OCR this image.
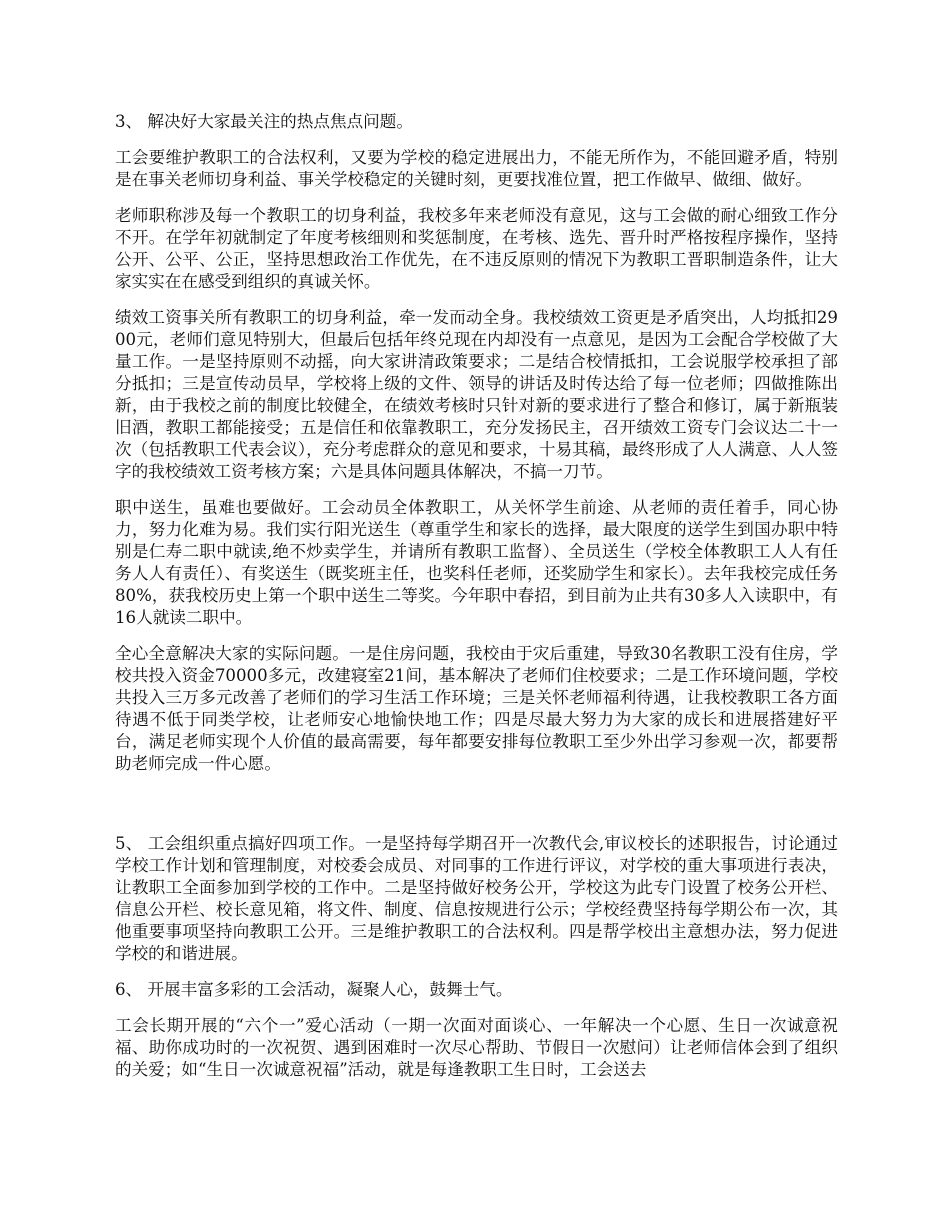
3、 解决好大家最关注的热点焦点问题。

工会要维护教职工的合法权利，又要为学校的稳定进展出力，不能无所作为，不能回避矛盾，特别是在事关老师切身利益、事关学校稳定的关键时刻，更要找准位置，把工作做早、做细、做好。

老师职称涉及每一个教职工的切身利益，我校多年来老师没有意见，这与工会做的耐心细致工作分不开。在学年初就制定了年度考核细则和奖惩制度，在考核、选先、晋升时严格按程序操作，坚持公开、公平、公正，坚持思想政治工作优先，在不违反原则的情况下为教职工晋职制造条件，让大家实实在在感受到组织的真诚关怀。

绩效工资事关所有教职工的切身利益，牵一发而动全身。我校绩效工资更是矛盾突出，人均抵扣2900元，老师们意见特别大，但最后包括年终兑现在内却没有一点意见，是因为工会配合学校做了大量工作。一是坚持原则不动摇，向大家讲清政策要求；二是结合校情抵扣，工会说服学校承担了部分抵扣；三是宣传动员早，学校将上级的文件、领导的讲话及时传达给了每一位老师；四做推陈出新，由于我校之前的制度比较健全，在绩效考核时只针对新的要求进行了整合和修订，属于新瓶装旧酒，教职工都能接受；五是信任和依靠教职工，充分发扬民主，召开绩效工资专门会议达二十一次（包括教职工代表会议），充分考虑群众的意见和要求，十易其稿，最终形成了人人满意、人人签字的我校绩效工资考核方案；六是具体问题具体解决，不搞一刀节。

职中送生，虽难也要做好。工会动员全体教职工，从关怀学生前途、从老师的责任着手，同心协力，努力化难为易。我们实行阳光送生（尊重学生和家长的选择，最大限度的送学生到国办职中特别是仁寿二职中就读,绝不炒卖学生，并请所有教职工监督）、全员送生（学校全体教职工人人有任务人人有责任）、有奖送生（既奖班主任，也奖科任老师，还奖励学生和家长）。去年我校完成任务80%，获我校历史上第一个职中送生二等奖。今年职中春招，到目前为止共有30多人入读职中，有16人就读二职中。

全心全意解决大家的实际问题。一是住房问题，我校由于灾后重建，导致30名教职工没有住房，学校共投入资金70000多元，改建寝室21间，基本解决了老师们住校要求；二是工作环境问题，学校共投入三万多元改善了老师们的学习生活工作环境；三是关怀老师福利待遇，让我校教职工各方面待遇不低于同类学校，让老师安心地愉快地工作；四是尽最大努力为大家的成长和进展搭建好平台，满足老师实现个人价值的最高需要，每年都要安排每位教职工至少外出学习参观一次，都要帮助老师完成一件心愿。

5、 工会组织重点搞好四项工作。一是坚持每学期召开一次教代会,审议校长的述职报告，讨论通过学校工作计划和管理制度，对校委会成员、对同事的工作进行评议，对学校的重大事项进行表决，让教职工全面参加到学校的工作中。二是坚持做好校务公开，学校这为此专门设置了校务公开栏、信息公开栏、校长意见箱，将文件、制度、信息按规进行公示；学校经费坚持每学期公布一次，其他重要事项坚持向教职工公开。三是维护教职工的合法权利。四是帮学校出主意想办法，努力促进学校的和谐进展。

6、 开展丰富多彩的工会活动，凝聚人心，鼓舞士气。

工会长期开展的“六个一”爱心活动（一期一次面对面谈心、一年解决一个心愿、生日一次诚意祝福、助你成功时的一次祝贺、遇到困难时一次尽心帮助、节假日一次慰问）让老师信体会到了组织的关爱；如“生日一次诚意祝福”活动，就是每逢教职工生日时，工会送去
